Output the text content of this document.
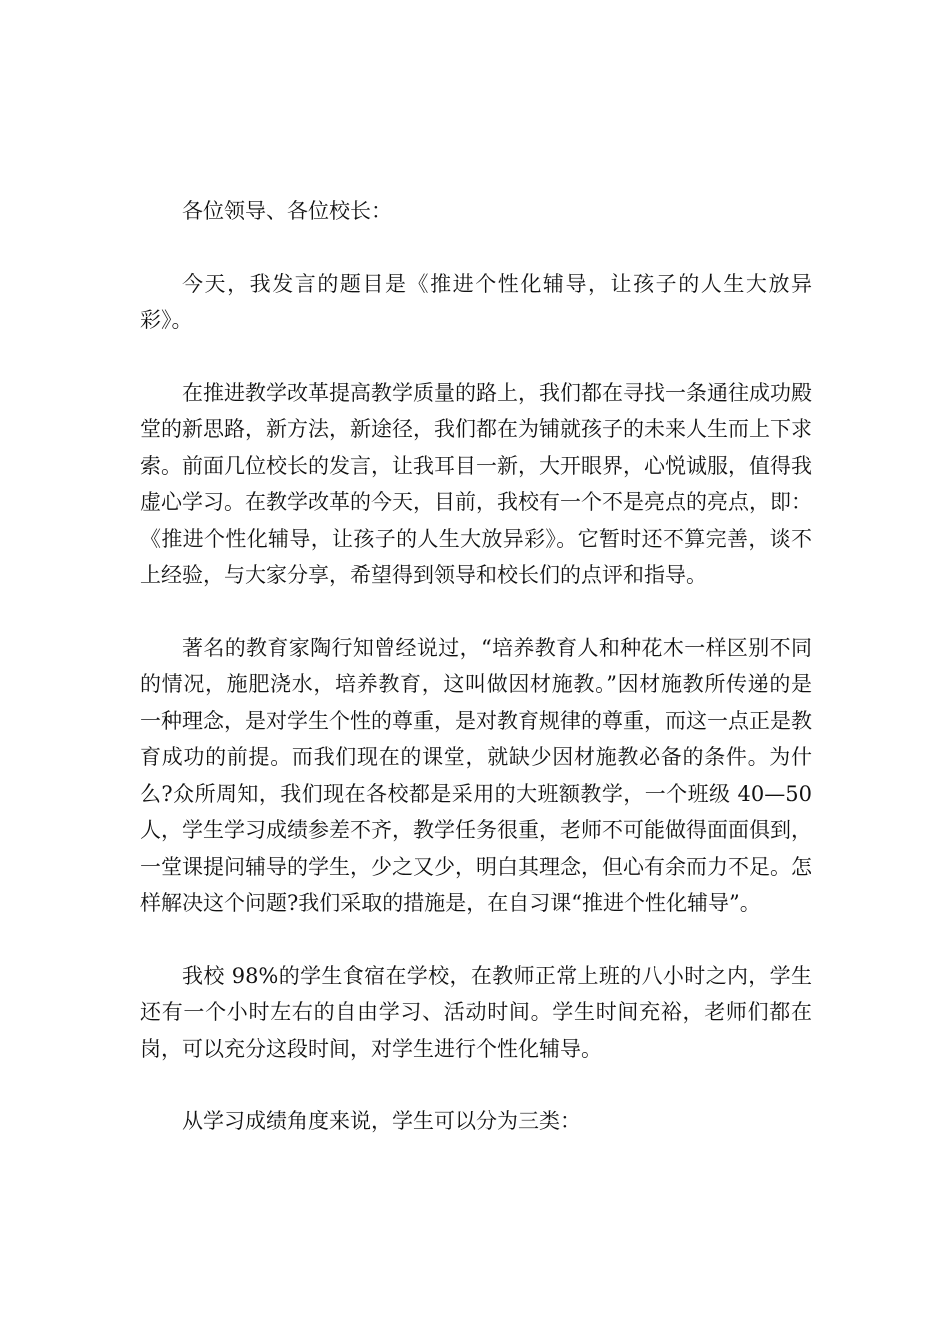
各位领导、各位校长：

今天，我发言的题目是《推进个性化辅导，让孩子的人生大放异彩》。

在推进教学改革提高教学质量的路上，我们都在寻找一条通往成功殿堂的新思路，新方法，新途径，我们都在为铺就孩子的未来人生而上下求索。前面几位校长的发言，让我耳目一新，大开眼界，心悦诚服，值得我虚心学习。在教学改革的今天，目前，我校有一个不是亮点的亮点，即：《推进个性化辅导，让孩子的人生大放异彩》。它暂时还不算完善，谈不上经验，与大家分享，希望得到领导和校长们的点评和指导。

著名的教育家陶行知曾经说过，“培养教育人和种花木一样区别不同的情况，施肥浇水，培养教育，这叫做因材施教。”因材施教所传递的是一种理念，是对学生个性的尊重，是对教育规律的尊重，而这一点正是教育成功的前提。而我们现在的课堂，就缺少因材施教必备的条件。为什么?众所周知，我们现在各校都是采用的大班额教学，一个班级 40—50 人，学生学习成绩参差不齐，教学任务很重，老师不可能做得面面俱到，一堂课提问辅导的学生，少之又少，明白其理念，但心有余而力不足。怎样解决这个问题?我们采取的措施是，在自习课“推进个性化辅导”。

我校 98%的学生食宿在学校，在教师正常上班的八小时之内，学生还有一个小时左右的自由学习、活动时间。学生时间充裕，老师们都在岗，可以充分这段时间，对学生进行个性化辅导。

从学习成绩角度来说，学生可以分为三类：
